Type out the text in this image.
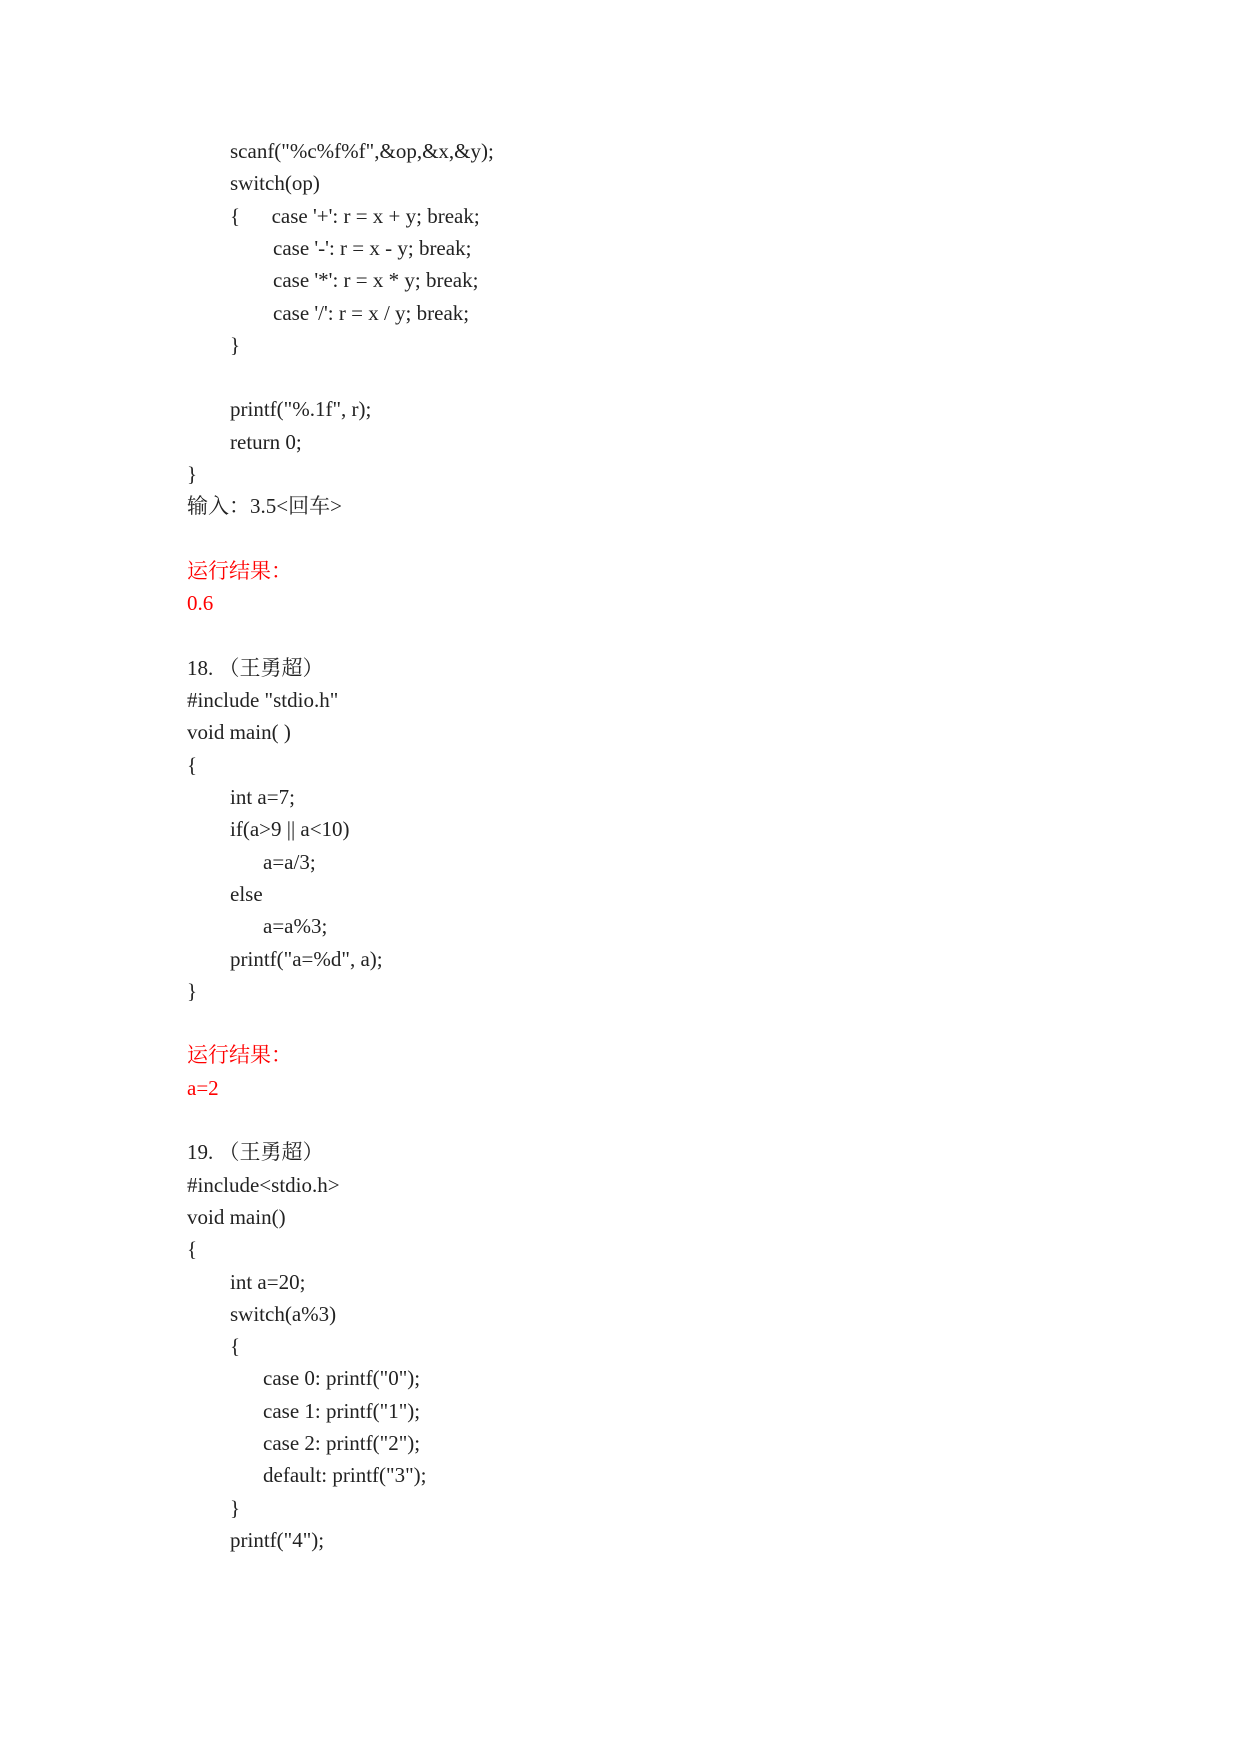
scanf("%c%f%f",&op,&x,&y);
switch(op)
{      case '+': r = x + y; break;
case '-': r = x - y; break;
case '*': r = x * y; break;
case '/': r = x / y; break;
}
printf("%.1f", r);
return 0;
}
输入：3.5<回车>
运行结果：
0.6
18. （王勇超）
#include "stdio.h"
void main( )
{
int a=7;
if(a>9 || a<10)
a=a/3;
else
a=a%3;
printf("a=%d", a);
}
运行结果：
a=2
19. （王勇超）
#include<stdio.h>
void main()
{
int a=20;
switch(a%3)
{
case 0: printf("0");
case 1: printf("1");
case 2: printf("2");
default: printf("3");
}
printf("4");
